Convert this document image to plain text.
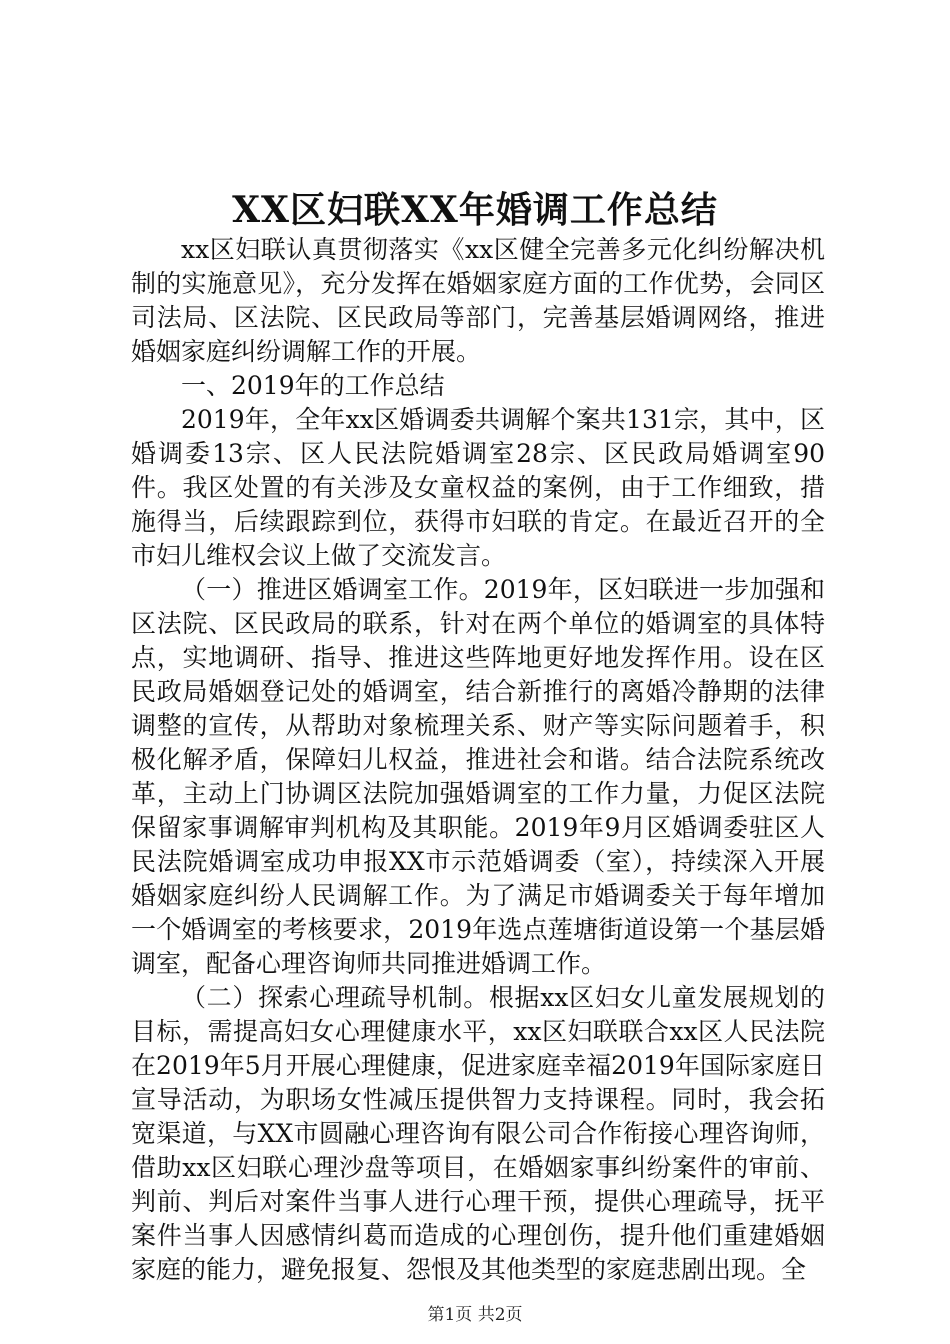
XX区妇联XX年婚调工作总结

xx区妇联认真贯彻落实《xx区健全完善多元化纠纷解决机制的实施意见》，充分发挥在婚姻家庭方面的工作优势，会同区司法局、区法院、区民政局等部门，完善基层婚调网络，推进婚姻家庭纠纷调解工作的开展。

一、2019年的工作总结

2019年，全年xx区婚调委共调解个案共131宗，其中，区婚调委13宗、区人民法院婚调室28宗、区民政局婚调室90件。我区处置的有关涉及女童权益的案例，由于工作细致，措施得当，后续跟踪到位，获得市妇联的肯定。在最近召开的全市妇儿维权会议上做了交流发言。

（一）推进区婚调室工作。2019年，区妇联进一步加强和区法院、区民政局的联系，针对在两个单位的婚调室的具体特点，实地调研、指导、推进这些阵地更好地发挥作用。设在区民政局婚姻登记处的婚调室，结合新推行的离婚冷静期的法律调整的宣传，从帮助对象梳理关系、财产等实际问题着手，积极化解矛盾，保障妇儿权益，推进社会和谐。结合法院系统改革，主动上门协调区法院加强婚调室的工作力量，力促区法院保留家事调解审判机构及其职能。2019年9月区婚调委驻区人民法院婚调室成功申报XX市示范婚调委（室），持续深入开展婚姻家庭纠纷人民调解工作。为了满足市婚调委关于每年增加一个婚调室的考核要求，2019年选点莲塘街道设第一个基层婚调室，配备心理咨询师共同推进婚调工作。

（二）探索心理疏导机制。根据xx区妇女儿童发展规划的目标，需提高妇女心理健康水平，xx区妇联联合xx区人民法院在2019年5月开展心理健康，促进家庭幸福2019年国际家庭日宣导活动，为职场女性减压提供智力支持课程。同时，我会拓宽渠道，与XX市圆融心理咨询有限公司合作衔接心理咨询师，借助xx区妇联心理沙盘等项目，在婚姻家事纠纷案件的审前、判前、判后对案件当事人进行心理干预，提供心理疏导，抚平案件当事人因感情纠葛而造成的心理创伤，提升他们重建婚姻家庭的能力，避免报复、怨恨及其他类型的家庭悲剧出现。全

第1页 共2页
